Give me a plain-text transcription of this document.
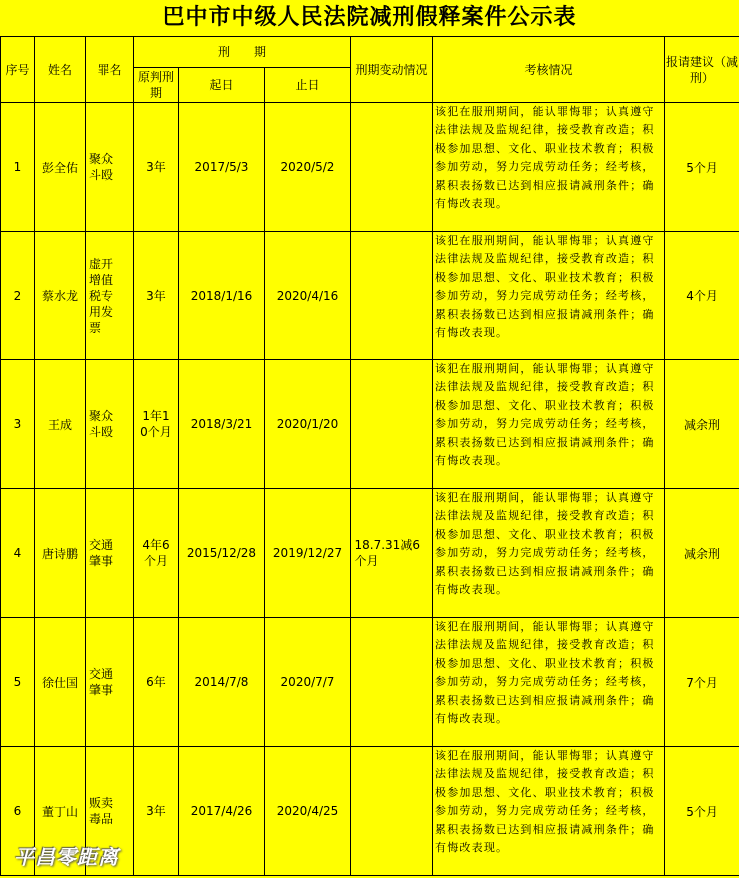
巴中市中级人民法院减刑假释案件公示表
序号	姓名	罪名	刑　　期			刑期变动情况	考核情况	报请建议（减刑）
			原判刑期	起日	止日			
1	彭全佑	聚众斗殴	3年	2017/5/3	2020/5/2		该犯在服刑期间，能认罪悔罪；认真遵守法律法规及监规纪律，接受教育改造；积极参加思想、文化、职业技术教育；积极参加劳动，努力完成劳动任务；经考核，累积表扬数已达到相应报请减刑条件；确有悔改表现。	5个月
2	蔡水龙	虚开增值税专用发票	3年	2018/1/16	2020/4/16		该犯在服刑期间，能认罪悔罪；认真遵守法律法规及监规纪律，接受教育改造；积极参加思想、文化、职业技术教育；积极参加劳动，努力完成劳动任务；经考核，累积表扬数已达到相应报请减刑条件；确有悔改表现。	4个月
3	王成	聚众斗殴	1年10个月	2018/3/21	2020/1/20		该犯在服刑期间，能认罪悔罪；认真遵守法律法规及监规纪律，接受教育改造；积极参加思想、文化、职业技术教育；积极参加劳动，努力完成劳动任务；经考核，累积表扬数已达到相应报请减刑条件；确有悔改表现。	减余刑
4	唐诗鹏	交通肇事	4年6个月	2015/12/28	2019/12/27	18.7.31减6个月	该犯在服刑期间，能认罪悔罪；认真遵守法律法规及监规纪律，接受教育改造；积极参加思想、文化、职业技术教育；积极参加劳动，努力完成劳动任务；经考核，累积表扬数已达到相应报请减刑条件；确有悔改表现。	减余刑
5	徐仕国	交通肇事	6年	2014/7/8	2020/7/7		该犯在服刑期间，能认罪悔罪；认真遵守法律法规及监规纪律，接受教育改造；积极参加思想、文化、职业技术教育；积极参加劳动，努力完成劳动任务；经考核，累积表扬数已达到相应报请减刑条件；确有悔改表现。	7个月
6	董丁山	贩卖毒品	3年	2017/4/26	2020/4/25		该犯在服刑期间，能认罪悔罪；认真遵守法律法规及监规纪律，接受教育改造；积极参加思想、文化、职业技术教育；积极参加劳动，努力完成劳动任务；经考核，累积表扬数已达到相应报请减刑条件；确有悔改表现。	5个月
平昌零距离
